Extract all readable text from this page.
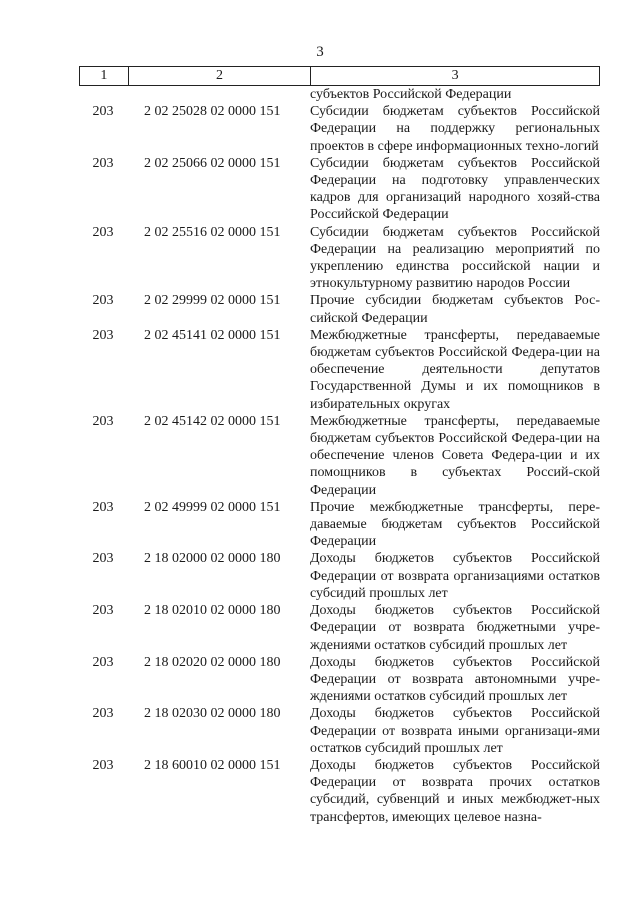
3
1	2	3
субъектов Российской Федерации
203	2 02 25028 02 0000 151	Субсидии бюджетам субъектов Российской Федерации на поддержку региональных проектов в сфере информационных техно-логий
203	2 02 25066 02 0000 151	Субсидии бюджетам субъектов Российской Федерации на подготовку управленческих кадров для организаций народного хозяй-ства Российской Федерации
203	2 02 25516 02 0000 151	Субсидии бюджетам субъектов Российской Федерации на реализацию мероприятий по укреплению единства российской нации и этнокультурному развитию народов России
203	2 02 29999 02 0000 151	Прочие субсидии бюджетам субъектов Рос-сийской Федерации
203	2 02 45141 02 0000 151	Межбюджетные трансферты, передаваемые бюджетам субъектов Российской Федера-ции на обеспечение деятельности депутатов Государственной Думы и их помощников в избирательных округах
203	2 02 45142 02 0000 151	Межбюджетные трансферты, передаваемые бюджетам субъектов Российской Федера-ции на обеспечение членов Совета Федера-ции и их помощников в субъектах Россий-ской Федерации
203	2 02 49999 02 0000 151	Прочие межбюджетные трансферты, пере-даваемые бюджетам субъектов Российской Федерации
203	2 18 02000 02 0000 180	Доходы бюджетов субъектов Российской Федерации от возврата организациями остатков субсидий прошлых лет
203	2 18 02010 02 0000 180	Доходы бюджетов субъектов Российской Федерации от возврата бюджетными учре-ждениями остатков субсидий прошлых лет
203	2 18 02020 02 0000 180	Доходы бюджетов субъектов Российской Федерации от возврата автономными учре-ждениями остатков субсидий прошлых лет
203	2 18 02030 02 0000 180	Доходы бюджетов субъектов Российской Федерации от возврата иными организаци-ями остатков субсидий прошлых лет
203	2 18 60010 02 0000 151	Доходы бюджетов субъектов Российской Федерации от возврата прочих остатков субсидий, субвенций и иных межбюджет-ных трансфертов, имеющих целевое назна-
